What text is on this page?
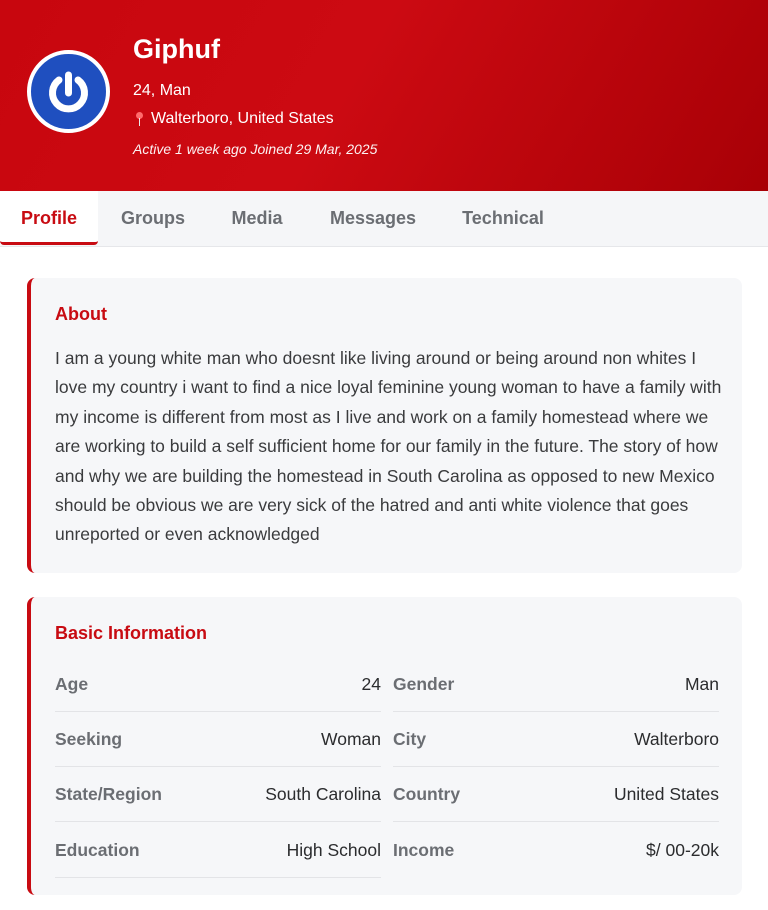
Giphuf
24, Man
Walterboro, United States
Active 1 week ago Joined 29 Mar, 2025
Profile	Groups	Media	Messages	Technical
About
I am a young white man who doesnt like living around or being around non whites I love my country i want to find a nice loyal feminine young woman to have a family with my income is different from most as I live and work on a family homestead where we are working to build a self sufficient home for our family in the future. The story of how and why we are building the homestead in South Carolina as opposed to new Mexico should be obvious we are very sick of the hatred and anti white violence that goes unreported or even acknowledged
Basic Information
Age	24 Gender	Man
Seeking	Woman City	Walterboro
State/Region	South Carolina Country	United States
Education	High School Income	$/ 00-20k
